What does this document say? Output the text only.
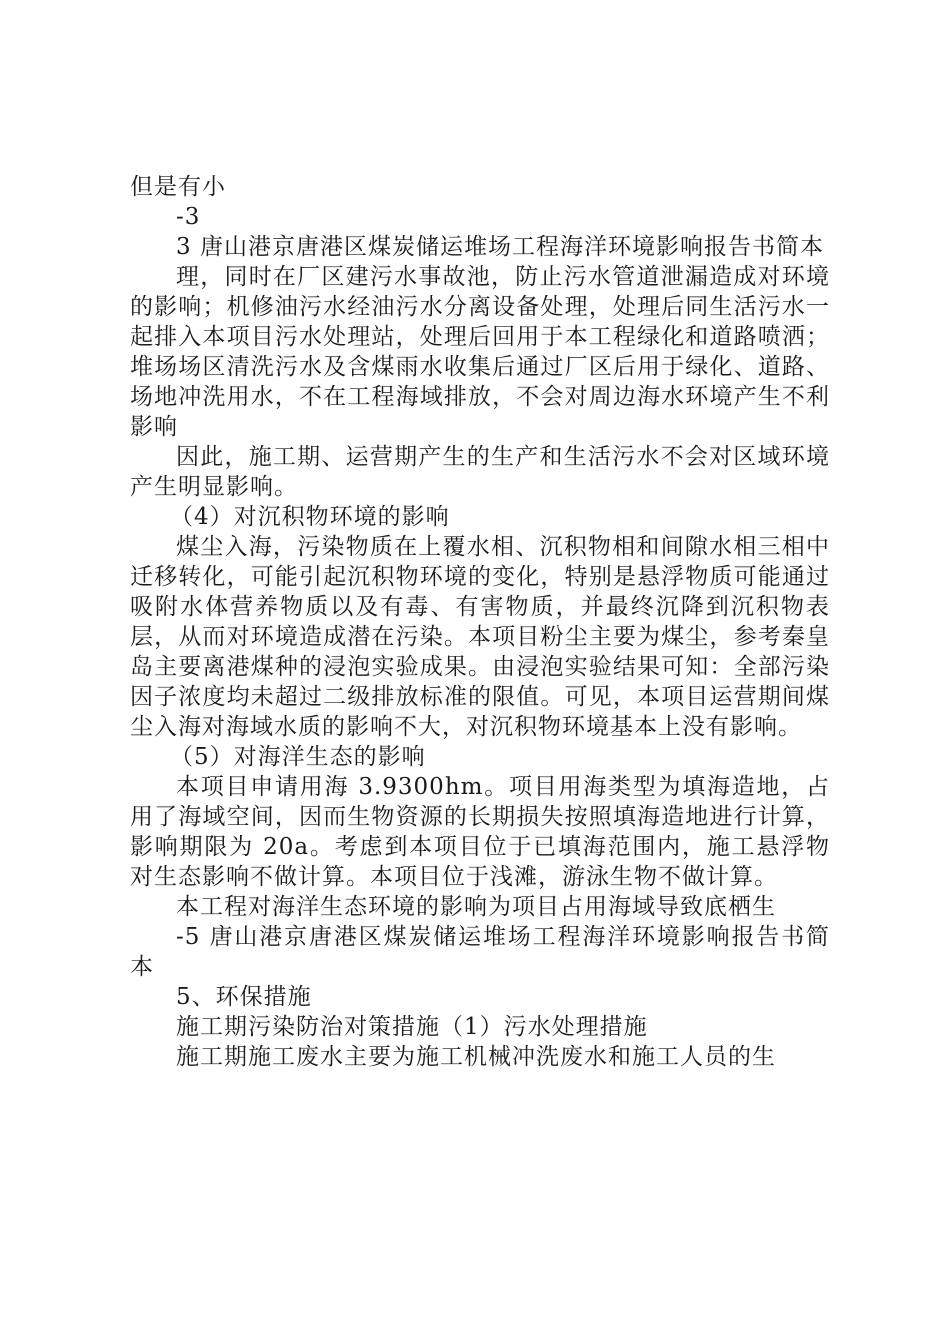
但是有小

-3

3 唐山港京唐港区煤炭储运堆场工程海洋环境影响报告书简本

理，同时在厂区建污水事故池，防止污水管道泄漏造成对环境的影响；机修油污水经油污水分离设备处理，处理后同生活污水一起排入本项目污水处理站，处理后回用于本工程绿化和道路喷洒；堆场场区清洗污水及含煤雨水收集后通过厂区后用于绿化、道路、场地冲洗用水，不在工程海域排放，不会对周边海水环境产生不利影响

因此，施工期、运营期产生的生产和生活污水不会对区域环境产生明显影响。

（4）对沉积物环境的影响

煤尘入海，污染物质在上覆水相、沉积物相和间隙水相三相中迁移转化，可能引起沉积物环境的变化，特别是悬浮物质可能通过吸附水体营养物质以及有毒、有害物质，并最终沉降到沉积物表层，从而对环境造成潜在污染。本项目粉尘主要为煤尘，参考秦皇岛主要离港煤种的浸泡实验成果。由浸泡实验结果可知：全部污染因子浓度均未超过二级排放标准的限值。可见，本项目运营期间煤尘入海对海域水质的影响不大，对沉积物环境基本上没有影响。

（5）对海洋生态的影响

本项目申请用海 3.9300hm。项目用海类型为填海造地，占用了海域空间，因而生物资源的长期损失按照填海造地进行计算，影响期限为 20a。考虑到本项目位于已填海范围内，施工悬浮物对生态影响不做计算。本项目位于浅滩，游泳生物不做计算。

本工程对海洋生态环境的影响为项目占用海域导致底栖生

-5 唐山港京唐港区煤炭储运堆场工程海洋环境影响报告书简本

5、环保措施

施工期污染防治对策措施（1）污水处理措施

施工期施工废水主要为施工机械冲洗废水和施工人员的生
